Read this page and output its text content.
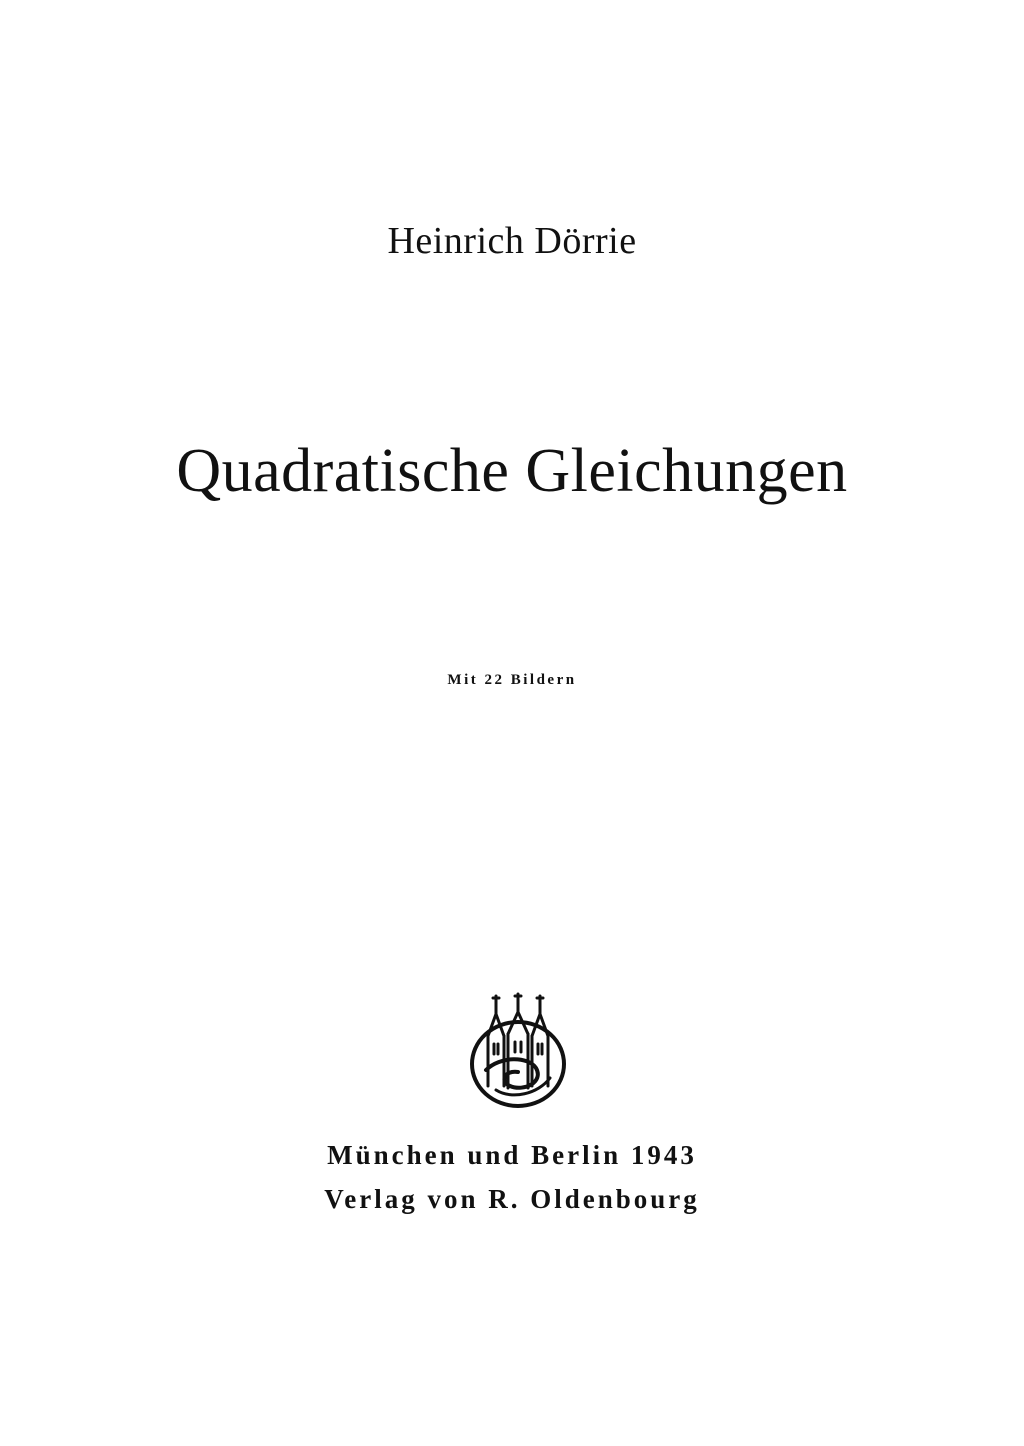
Heinrich Dörrie
Quadratische Gleichungen
Mit 22 Bildern
München und Berlin 1943
Verlag von R. Oldenbourg
